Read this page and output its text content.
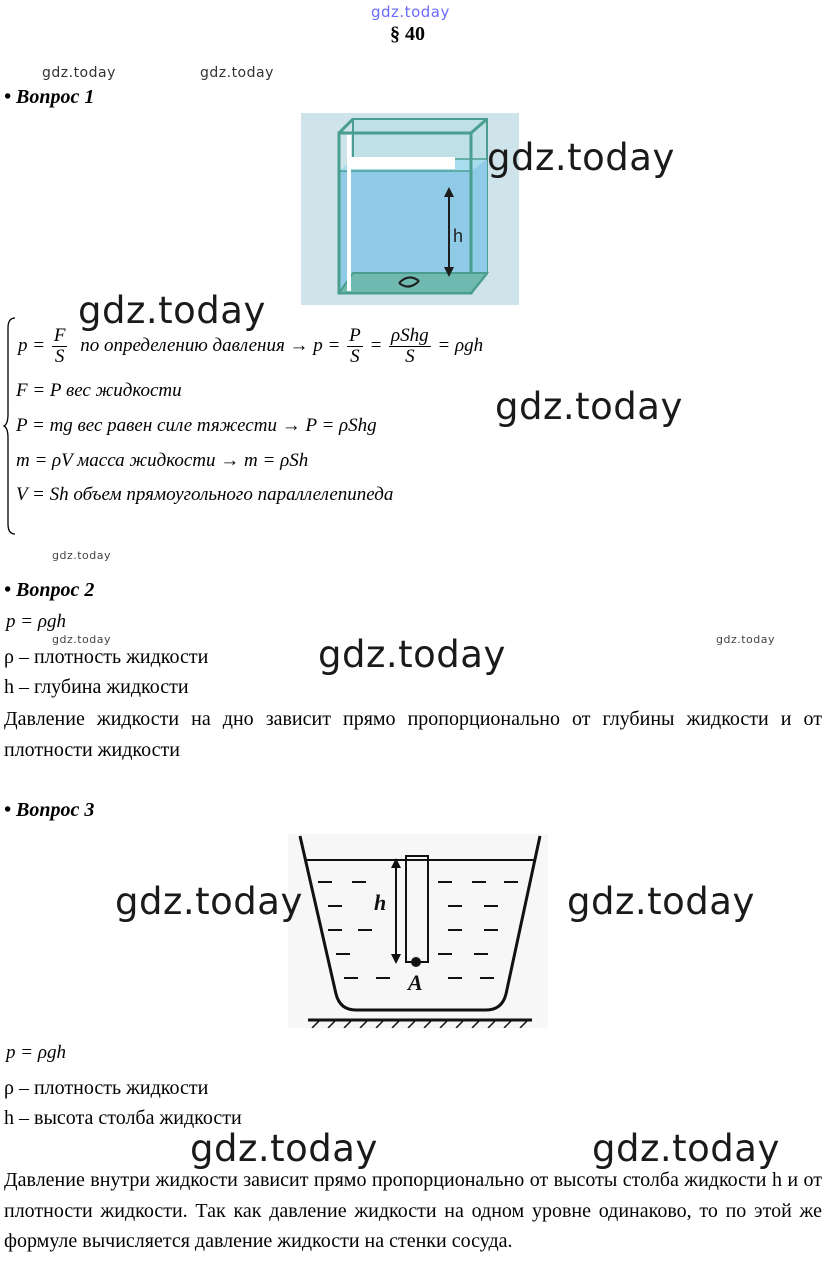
gdz.today
§ 40
gdz.today	gdz.today
• Вопрос 1
h
gdz.today
gdz.today
$p = \frac{F}{S}$ по определению давления → $p = \frac{P}{S} = \frac{\text{ρShg}}{S} = \rho gh$
F = P вес жидкости
P = mg вес равен силе тяжести → P = ρShg	gdz.today
m = ρV масса жидкости → m = ρSh
V = Sh объем прямоугольного параллелепипеда
gdz.today
• Вопрос 2
p = ρgh
gdz.today	gdz.today
ρ – плотность жидкости	gdz.today
h – глубина жидкости
Давление жидкости на дно зависит прямо пропорционально от глубины жидкости и от плотности жидкости
• Вопрос 3
h
A
gdz.today	gdz.today
p = ρgh
ρ – плотность жидкости
h – высота столба жидкости
gdz.today	gdz.today
Давление внутри жидкости зависит прямо пропорционально от высоты столба жидкости h и от плотности жидкости. Так как давление жидкости на одном уровне одинаково, то по этой же формуле вычисляется давление жидкости на стенки сосуда.
